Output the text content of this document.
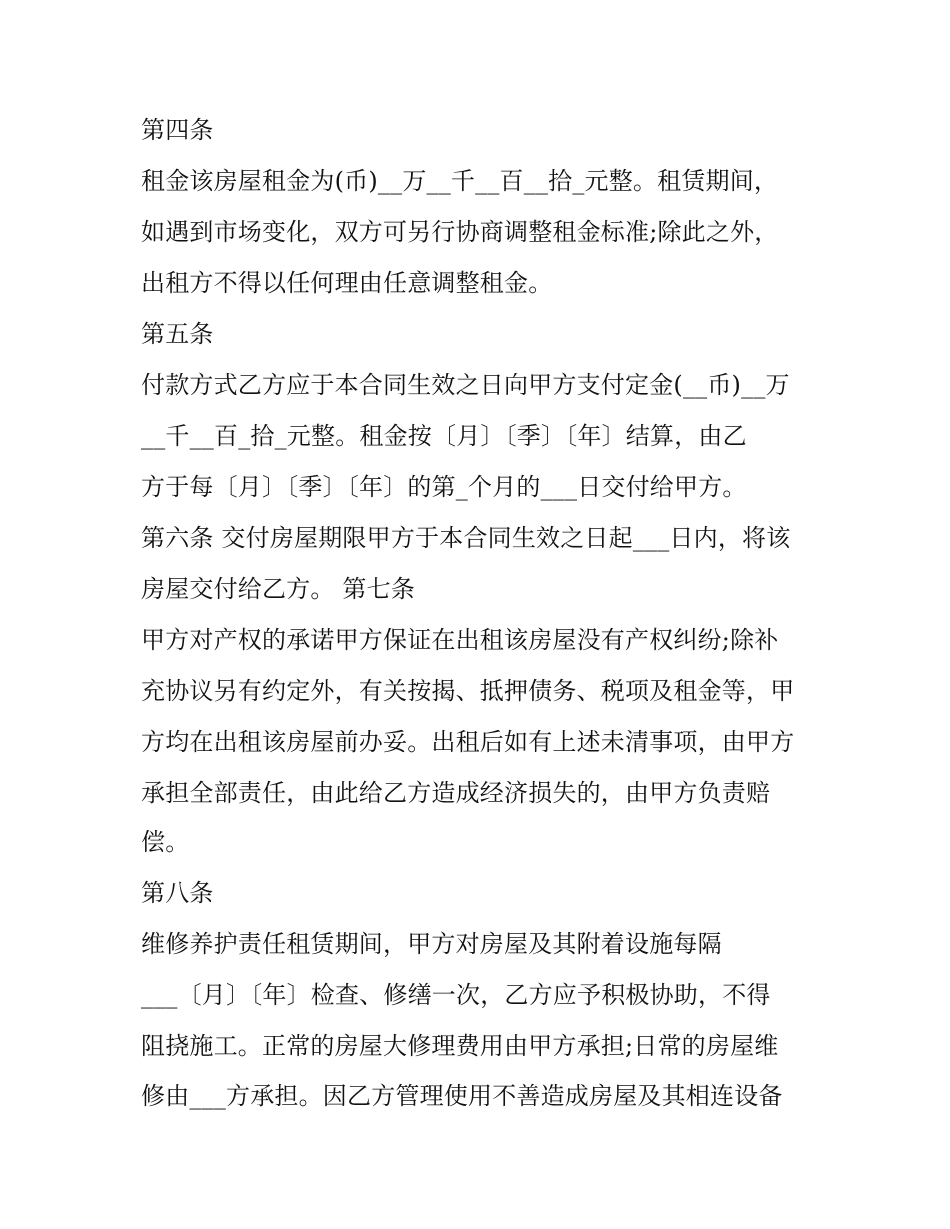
第四条
租金该房屋租金为(币)__万__千__百__拾_元整。租赁期间，
如遇到市场变化，双方可另行协商调整租金标准;除此之外，
出租方不得以任何理由任意调整租金。
第五条
付款方式乙方应于本合同生效之日向甲方支付定金(__币)__万
__千__百_拾_元整。租金按〔月〕〔季〕〔年〕结算，由乙
方于每〔月〕〔季〕〔年〕的第_个月的___日交付给甲方。
第六条 交付房屋期限甲方于本合同生效之日起___日内，将该
房屋交付给乙方。 第七条
甲方对产权的承诺甲方保证在出租该房屋没有产权纠纷;除补
充协议另有约定外，有关按揭、抵押债务、税项及租金等，甲
方均在出租该房屋前办妥。出租后如有上述未清事项，由甲方
承担全部责任，由此给乙方造成经济损失的，由甲方负责赔
偿。
第八条
维修养护责任租赁期间，甲方对房屋及其附着设施每隔
___〔月〕〔年〕检查、修缮一次，乙方应予积极协助，不得
阻挠施工。正常的房屋大修理费用由甲方承担;日常的房屋维
修由___方承担。因乙方管理使用不善造成房屋及其相连设备
